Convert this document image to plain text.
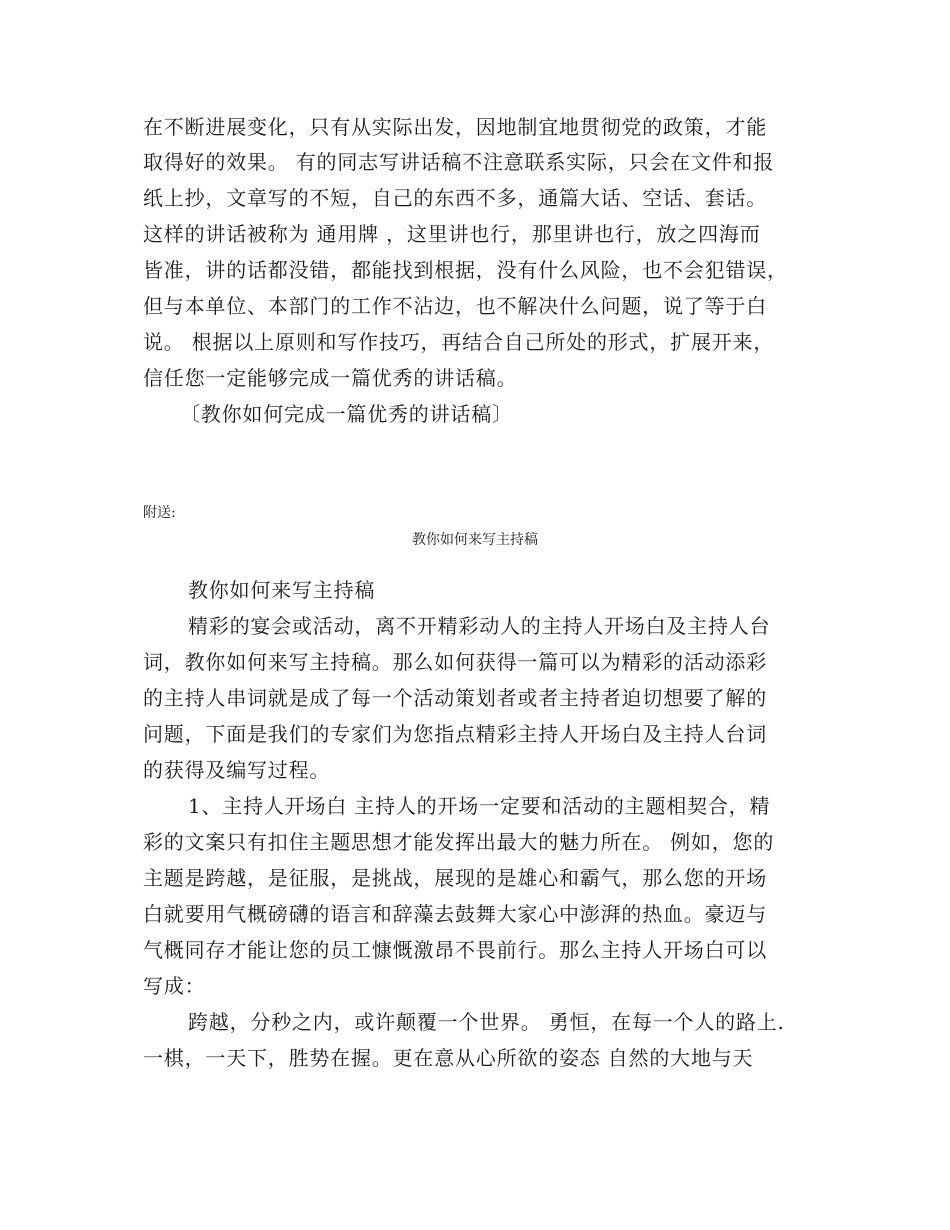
在不断进展变化，只有从实际出发，因地制宜地贯彻党的政策，才能
取得好的效果。 有的同志写讲话稿不注意联系实际，只会在文件和报
纸上抄，文章写的不短，自己的东西不多，通篇大话、空话、套话。
这样的讲话被称为 通用牌 ，这里讲也行，那里讲也行，放之四海而
皆准，讲的话都没错，都能找到根据，没有什么风险，也不会犯错误，
但与本单位、本部门的工作不沾边，也不解决什么问题，说了等于白
说。 根据以上原则和写作技巧，再结合自己所处的形式，扩展开来，
信任您一定能够完成一篇优秀的讲话稿。
〔教你如何完成一篇优秀的讲话稿〕
附送:
教你如何来写主持稿
教你如何来写主持稿
精彩的宴会或活动，离不开精彩动人的主持人开场白及主持人台
词，教你如何来写主持稿。那么如何获得一篇可以为精彩的活动添彩
的主持人串词就是成了每一个活动策划者或者主持者迫切想要了解的
问题，下面是我们的专家们为您指点精彩主持人开场白及主持人台词
的获得及编写过程。
1、主持人开场白 主持人的开场一定要和活动的主题相契合，精
彩的文案只有扣住主题思想才能发挥出最大的魅力所在。 例如，您的
主题是跨越，是征服，是挑战，展现的是雄心和霸气，那么您的开场
白就要用气概磅礴的语言和辞藻去鼓舞大家心中澎湃的热血。豪迈与
气概同存才能让您的员工慷慨激昂不畏前行。那么主持人开场白可以
写成：
跨越，分秒之内，或许颠覆一个世界。 勇恒，在每一个人的路上.
一棋，一天下，胜势在握。更在意从心所欲的姿态 自然的大地与天
